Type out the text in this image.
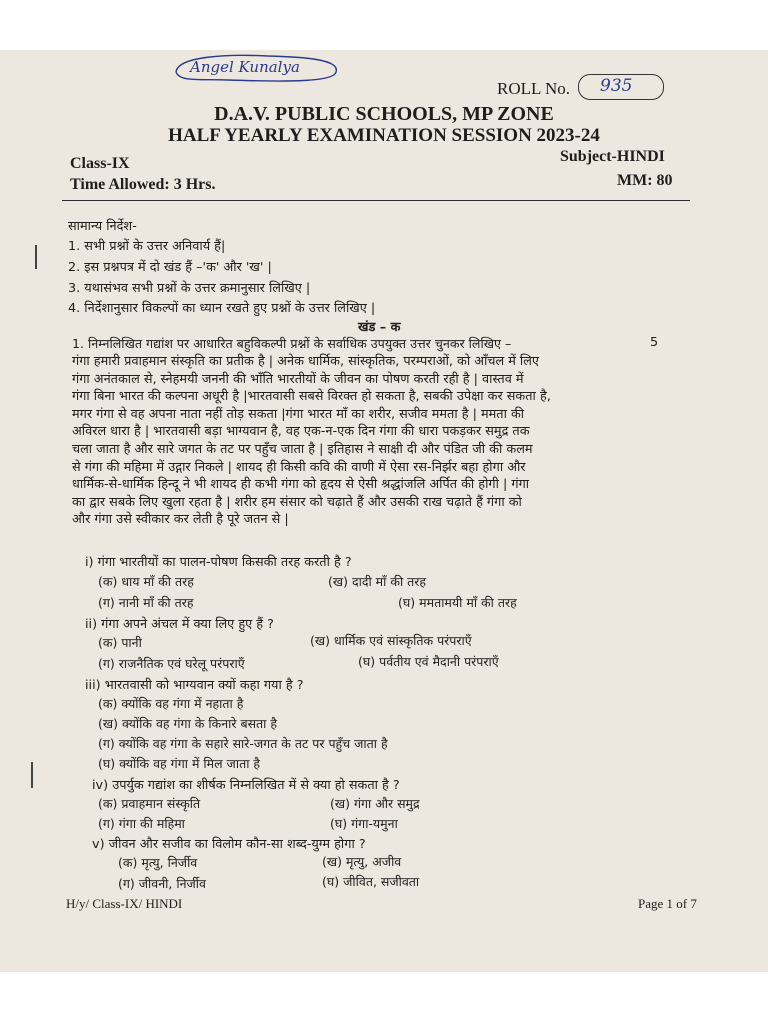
Angel Kunalya
ROLL No. 935
D.A.V. PUBLIC SCHOOLS, MP ZONE
HALF YEARLY EXAMINATION SESSION 2023-24
Class-IX	Subject-HINDI
Time Allowed: 3 Hrs.	MM: 80
सामान्य निर्देश-
1. सभी प्रश्नों के उत्तर अनिवार्य हैं|
2. इस प्रश्नपत्र में दो खंड हैं –'क' और 'ख' |
3. यथासंभव सभी प्रश्नों के उत्तर क्रमानुसार लिखिए |
4. निर्देशानुसार विकल्पों का ध्यान रखते हुए प्रश्नों के उत्तर लिखिए |
खंड – क
1. निम्नलिखित गद्यांश पर आधारित बहुविकल्पी प्रश्नों के सर्वाधिक उपयुक्त उत्तर चुनकर लिखिए –	5
गंगा हमारी प्रवाहमान संस्कृति का प्रतीक है | अनेक धार्मिक, सांस्कृतिक, परम्पराओं, को आँचल में लिए
गंगा अनंतकाल से, स्नेहमयी जननी की भाँति भारतीयों के जीवन का पोषण करती रही है | वास्तव में
गंगा बिना भारत की कल्पना अधूरी है |भारतवासी सबसे विरक्त हो सकता है, सबकी उपेक्षा कर सकता है,
मगर गंगा से वह अपना नाता नहीं तोड़ सकता |गंगा भारत माँ का शरीर, सजीव ममता है | ममता की
अविरल धारा है | भारतवासी बड़ा भाग्यवान है, वह एक-न-एक दिन गंगा की धारा पकड़कर समुद्र तक
चला जाता है और सारे जगत के तट पर पहुँच जाता है | इतिहास ने साक्षी दी और पंडित जी की कलम
से गंगा की महिमा में उद्गार निकले | शायद ही किसी कवि की वाणी में ऐसा रस-निर्झर बहा होगा और
धार्मिक-से-धार्मिक हिन्दू ने भी शायद ही कभी गंगा को हृदय से ऐसी श्रद्धांजलि अर्पित की होगी | गंगा
का द्वार सबके लिए खुला रहता है | शरीर हम संसार को चढ़ाते हैं और उसकी राख चढ़ाते हैं गंगा को
और गंगा उसे स्वीकार कर लेती है पूरे जतन से |
i) गंगा भारतीयों का पालन-पोषण किसकी तरह करती है ?
(क) धाय माँ की तरह	(ख) दादी माँ की तरह
(ग) नानी माँ की तरह	(घ) ममतामयी माँ की तरह
ii) गंगा अपने अंचल में क्या लिए हुए हैं ?
(क) पानी	(ख) धार्मिक एवं सांस्कृतिक परंपराएँ
(ग) राजनैतिक एवं घरेलू परंपराएँ	(घ) पर्वतीय एवं मैदानी परंपराएँ
iii) भारतवासी को भाग्यवान क्यों कहा गया है ?
(क) क्योंकि वह गंगा में नहाता है
(ख) क्योंकि वह गंगा के किनारे बसता है
(ग) क्योंकि वह गंगा के सहारे सारे-जगत के तट पर पहुँच जाता है
(घ) क्योंकि वह गंगा में मिल जाता है
iv) उपर्युक गद्यांश का शीर्षक निम्नलिखित में से क्या हो सकता है ?
(क) प्रवाहमान संस्कृति	(ख) गंगा और समुद्र
(ग) गंगा की महिमा	(घ) गंगा-यमुना
v) जीवन और सजीव का विलोम कौन-सा शब्द-युग्म होगा ?
(क) मृत्यु, निर्जीव	(ख) मृत्यु, अजीव
(ग) जीवनी, निर्जीव	(घ) जीवित, सजीवता
H/y/ Class-IX/ HINDI	Page 1 of 7
